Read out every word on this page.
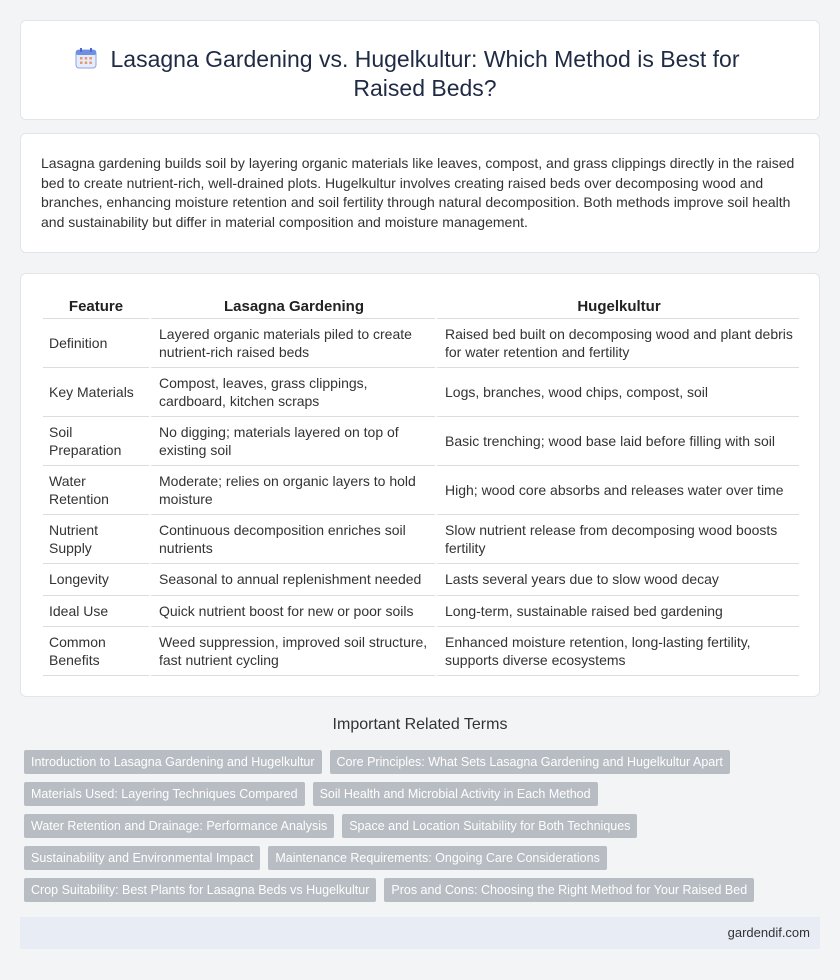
Lasagna Gardening vs. Hugelkultur: Which Method is Best for Raised Beds?

Lasagna gardening builds soil by layering organic materials like leaves, compost, and grass clippings directly in the raised bed to create nutrient-rich, well-drained plots. Hugelkultur involves creating raised beds over decomposing wood and branches, enhancing moisture retention and soil fertility through natural decomposition. Both methods improve soil health and sustainability but differ in material composition and moisture management.

Feature	Lasagna Gardening	Hugelkultur
Definition	Layered organic materials piled to create nutrient-rich raised beds	Raised bed built on decomposing wood and plant debris for water retention and fertility
Key Materials	Compost, leaves, grass clippings, cardboard, kitchen scraps	Logs, branches, wood chips, compost, soil
Soil Preparation	No digging; materials layered on top of existing soil	Basic trenching; wood base laid before filling with soil
Water Retention	Moderate; relies on organic layers to hold moisture	High; wood core absorbs and releases water over time
Nutrient Supply	Continuous decomposition enriches soil nutrients	Slow nutrient release from decomposing wood boosts fertility
Longevity	Seasonal to annual replenishment needed	Lasts several years due to slow wood decay
Ideal Use	Quick nutrient boost for new or poor soils	Long-term, sustainable raised bed gardening
Common Benefits	Weed suppression, improved soil structure, fast nutrient cycling	Enhanced moisture retention, long-lasting fertility, supports diverse ecosystems
Important Related Terms
Introduction to Lasagna Gardening and Hugelkultur	Core Principles: What Sets Lasagna Gardening and Hugelkultur Apart
Materials Used: Layering Techniques Compared	Soil Health and Microbial Activity in Each Method
Water Retention and Drainage: Performance Analysis	Space and Location Suitability for Both Techniques
Sustainability and Environmental Impact	Maintenance Requirements: Ongoing Care Considerations
Crop Suitability: Best Plants for Lasagna Beds vs Hugelkultur	Pros and Cons: Choosing the Right Method for Your Raised Bed
gardendif.com
